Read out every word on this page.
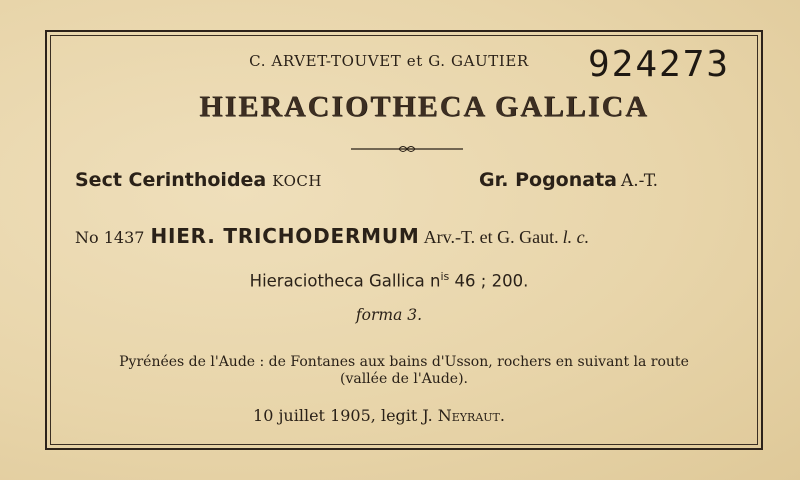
C. ARVET-TOUVET et G. GAUTIER	924273
HIERACIOTHECA GALLICA
Sect Cerinthoidea KOCH	Gr. Pogonata A.-T.
No 1437 HIER. TRICHODERMUM Arv.-T. et G. Gaut. l. c.
Hieraciotheca Gallica $n^{is}$ 46 ; 200.
forma 3.
Pyrénées de l'Aude : de Fontanes aux bains d'Usson, rochers en suivant la route
(vallée de l'Aude).
10 juillet 1905, legit J. Neyraut.
